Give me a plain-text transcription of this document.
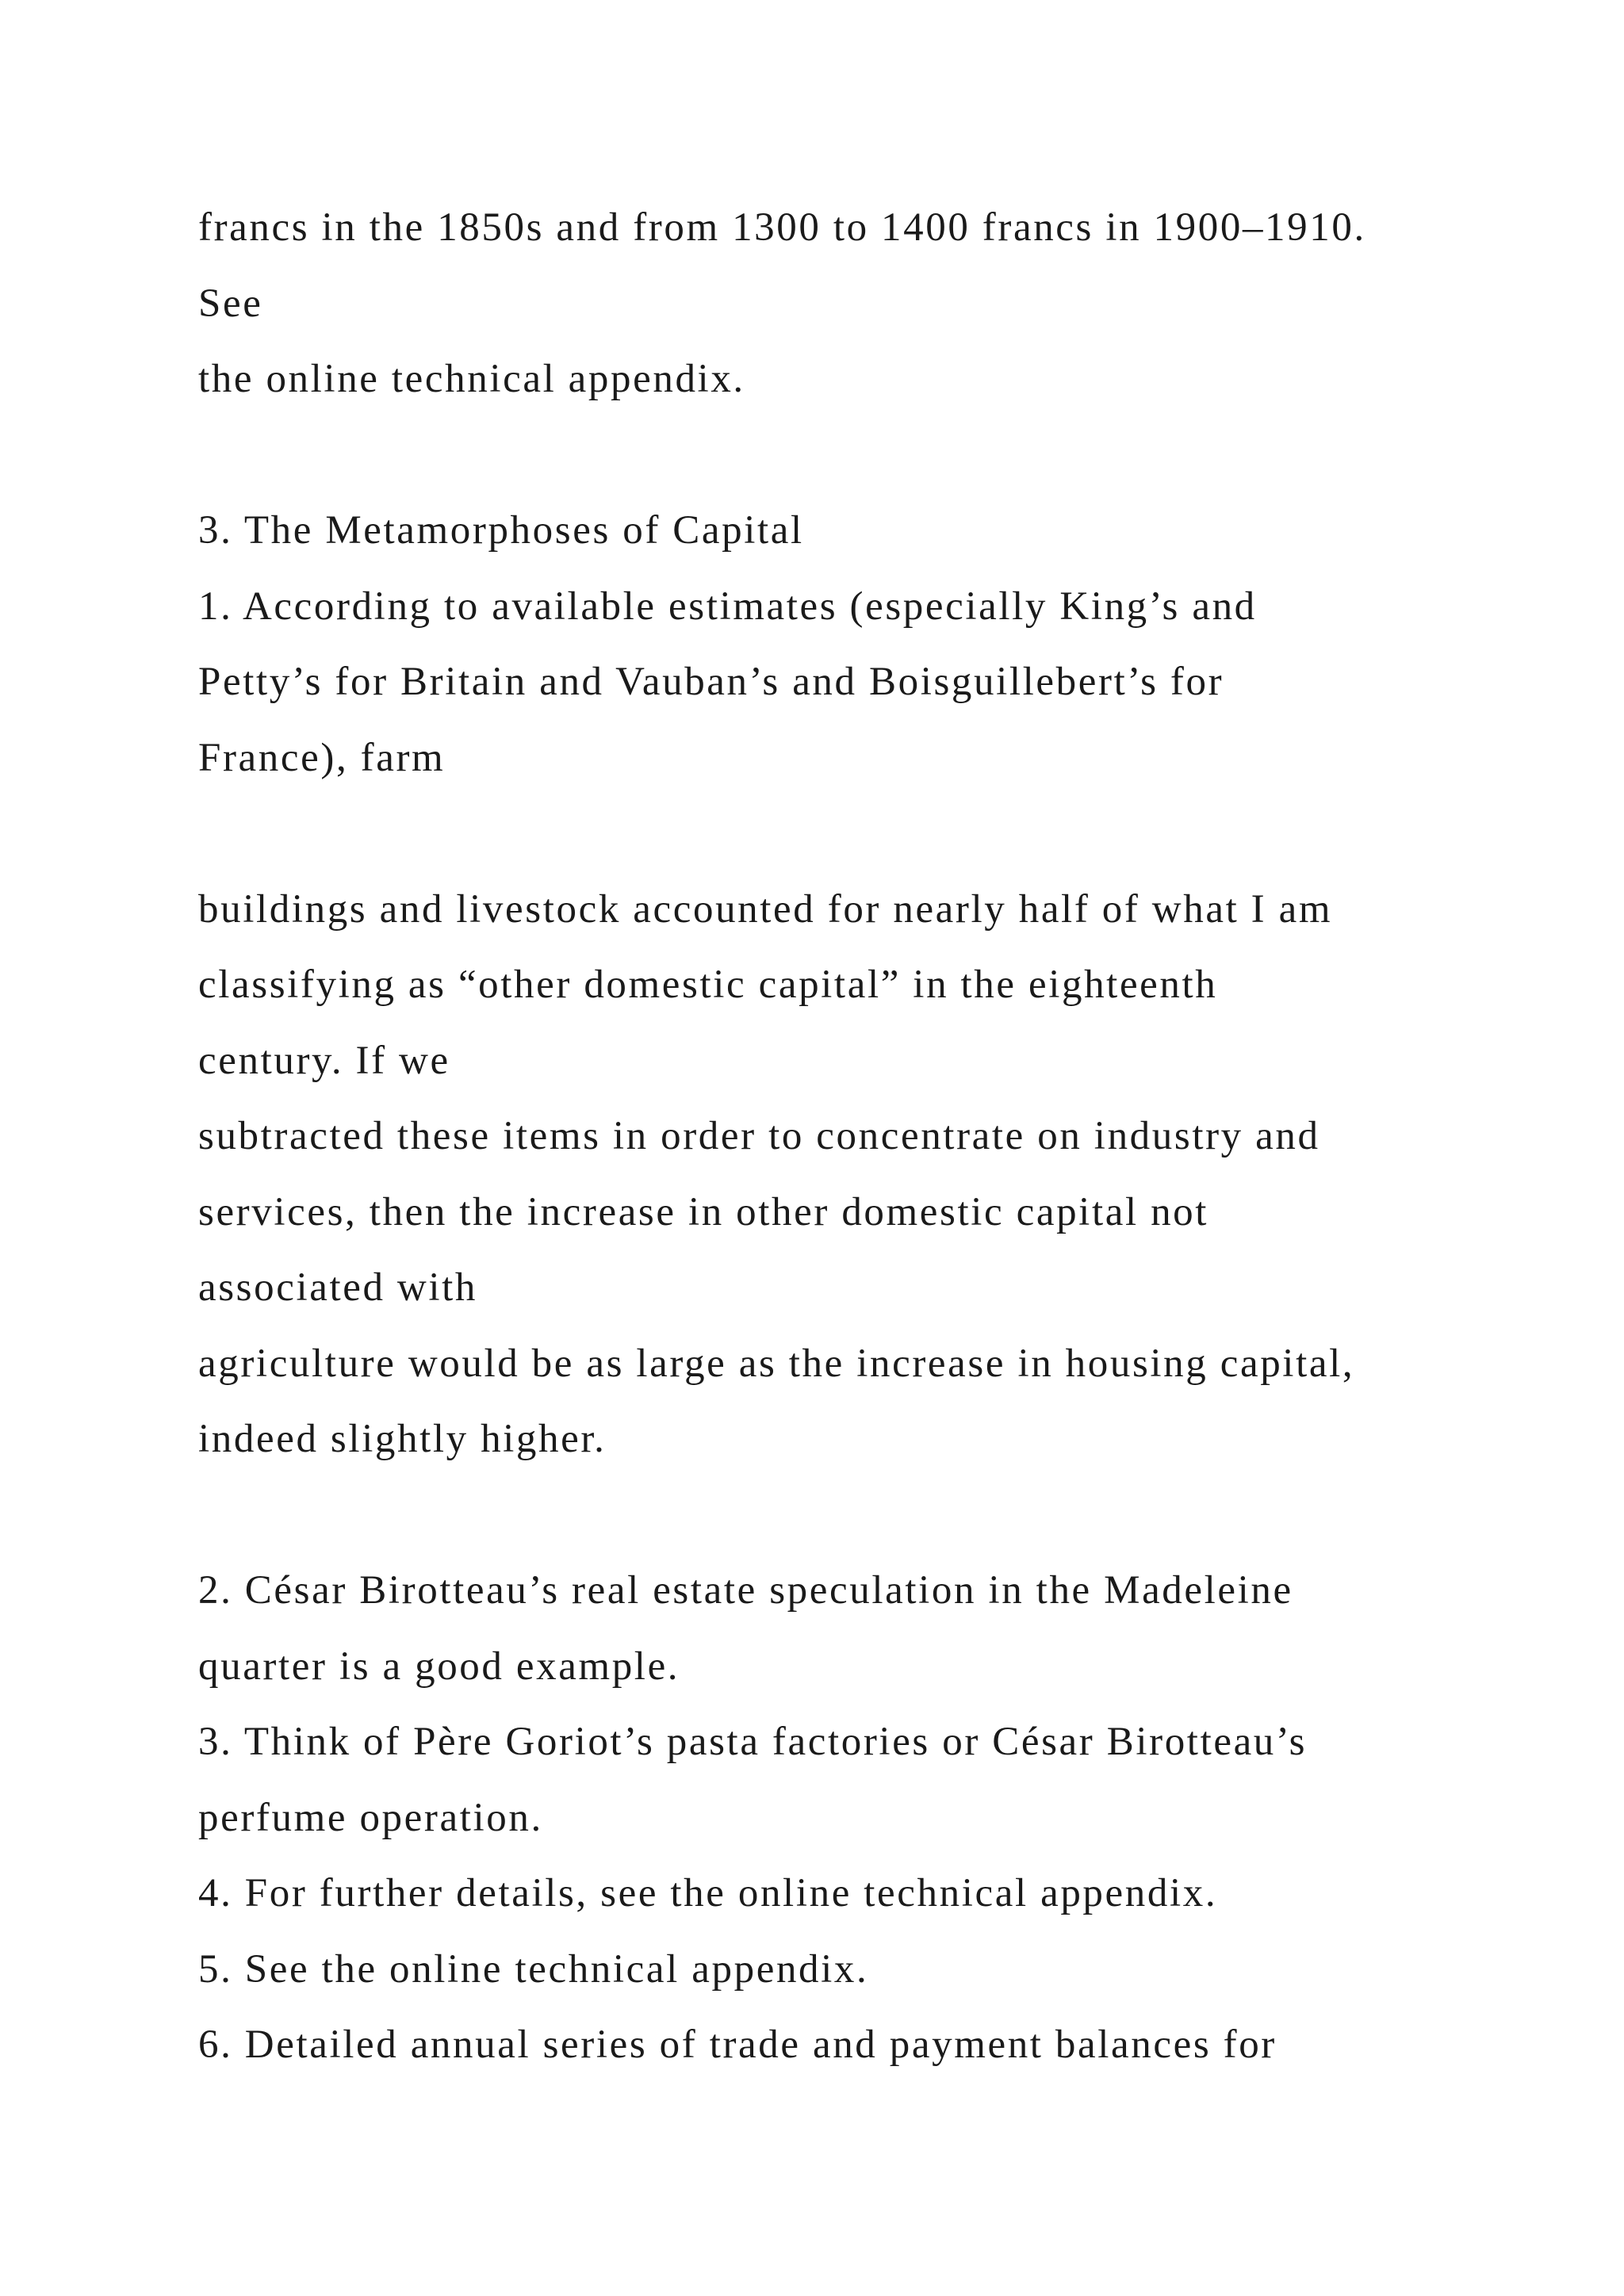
francs in the 1850s and from 1300 to 1400 francs in 1900–1910.
See
the online technical appendix.
3. The Metamorphoses of Capital
1. According to available estimates (especially King’s and
Petty’s for Britain and Vauban’s and Boisguillebert’s for
France), farm
buildings and livestock accounted for nearly half of what I am
classifying as “other domestic capital” in the eighteenth
century. If we
subtracted these items in order to concentrate on industry and
services, then the increase in other domestic capital not
associated with
agriculture would be as large as the increase in housing capital,
indeed slightly higher.
2. César Birotteau’s real estate speculation in the Madeleine
quarter is a good example.
3. Think of Père Goriot’s pasta factories or César Birotteau’s
perfume operation.
4. For further details, see the online technical appendix.
5. See the online technical appendix.
6. Detailed annual series of trade and payment balances for
